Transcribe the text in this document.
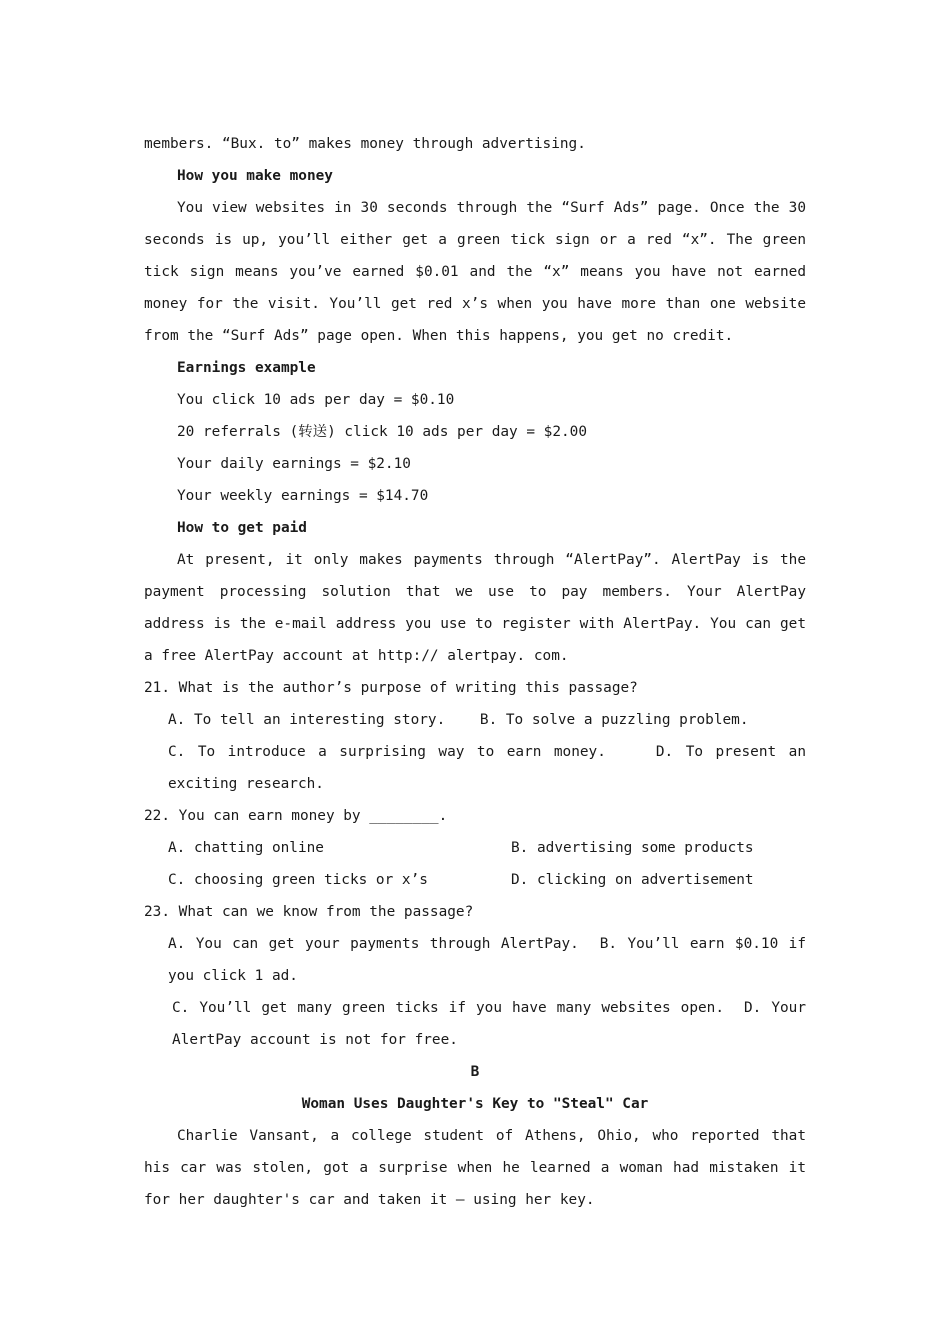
members. “Bux. to” makes money through advertising.

How you make money

You view websites in 30 seconds through the “Surf Ads” page. Once the 30 seconds is up, you’ll either get a green tick sign or a red “x”. The green tick sign means you’ve earned $0.01 and the “x” means you have not earned money for the visit. You’ll get red x’s when you have more than one website from the “Surf Ads” page open. When this happens, you get no credit.

Earnings example

You click 10 ads per day = $0.10

20 referrals (转送) click 10 ads per day = $2.00

Your daily earnings = $2.10

Your weekly earnings = $14.70

How to get paid

At present, it only makes payments through “AlertPay”. AlertPay is the payment processing solution that we use to pay members. Your AlertPay address is the e-mail address you use to register with AlertPay. You can get a free AlertPay account at http:// alertpay. com.

21. What is the author’s purpose of writing this passage?

A. To tell an interesting story.    B. To solve a puzzling problem.

C. To introduce a surprising way to earn money.    D. To present an exciting research.

22. You can earn money by ________.

A. chatting online	B. advertising some products
C. choosing green ticks or x’s	D. clicking on advertisement

23. What can we know from the passage?

A. You can get your payments through AlertPay.  B. You’ll earn $0.10 if you click 1 ad.

C. You’ll get many green ticks if you have many websites open.  D. Your AlertPay account is not for free.

B

Woman Uses Daughter's Key to "Steal" Car

Charlie Vansant, a college student of Athens, Ohio, who reported that his car was stolen, got a surprise when he learned a woman had mistaken it for her daughter's car and taken it — using her key.
